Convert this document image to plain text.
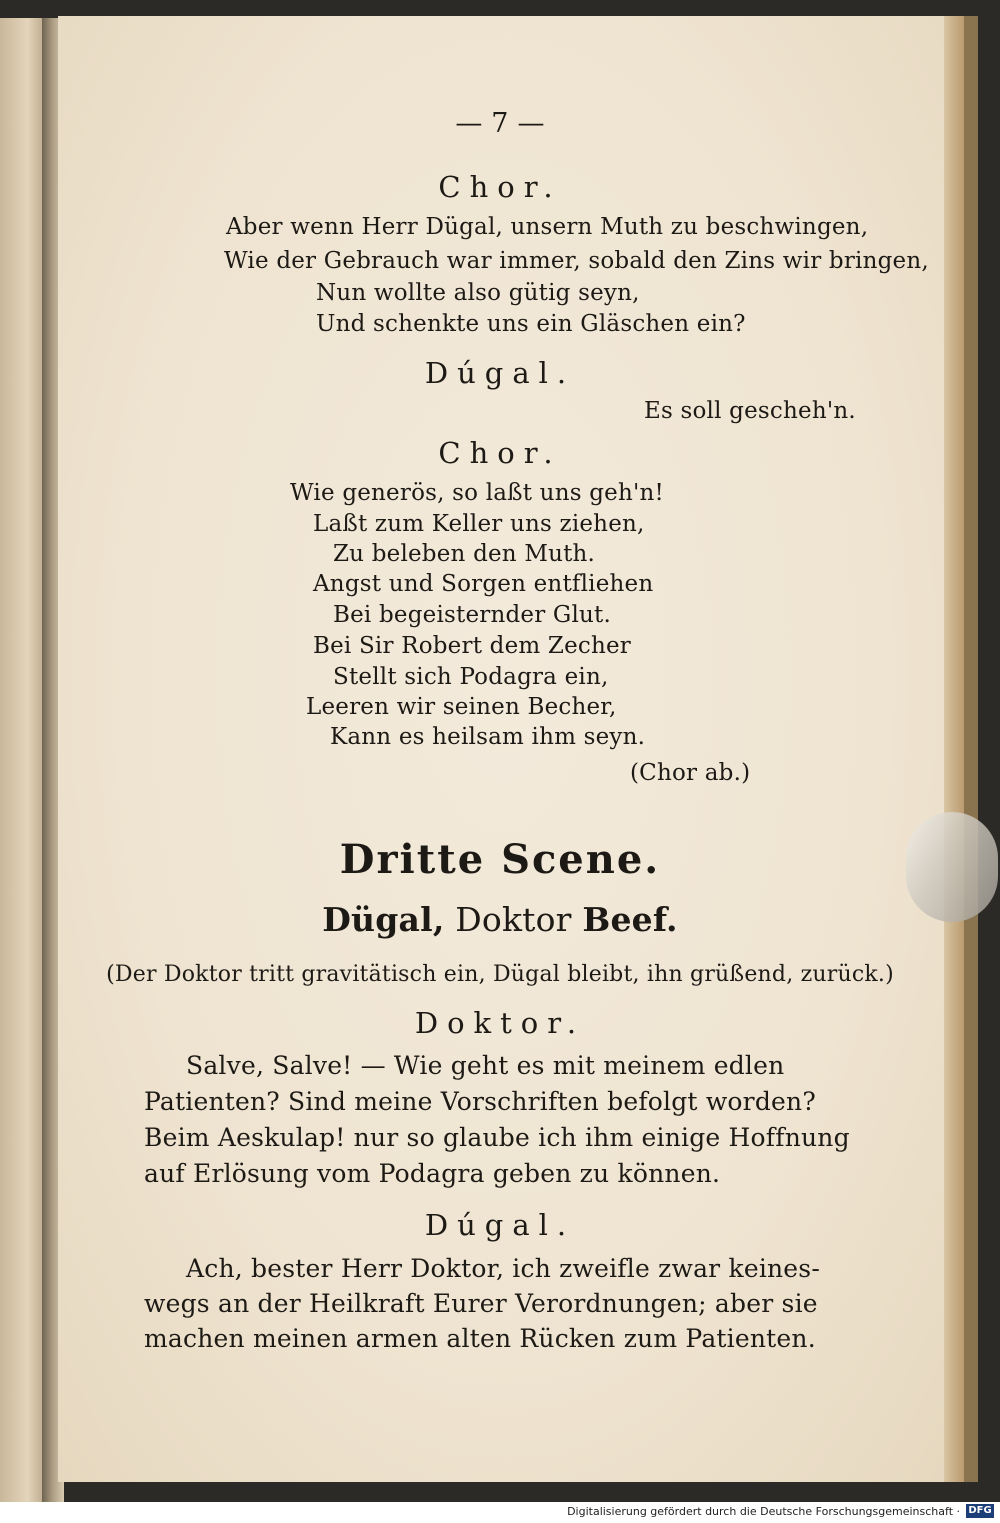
— 7 —
Chor.
Aber wenn Herr Dügal, unsern Muth zu beschwingen,
Wie der Gebrauch war immer, sobald den Zins wir bringen,
Nun wollte also gütig seyn,
Und schenkte uns ein Gläschen ein?
Dúgal.
Es soll gescheh'n.
Chor.
Wie generös, so laßt uns geh'n!
Laßt zum Keller uns ziehen,
Zu beleben den Muth.
Angst und Sorgen entfliehen
Bei begeisternder Glut.
Bei Sir Robert dem Zecher
Stellt sich Podagra ein,
Leeren wir seinen Becher,
Kann es heilsam ihm seyn.
(Chor ab.)
Dritte Scene.
Dügal, Doktor Beef.
(Der Doktor tritt gravitätisch ein, Dügal bleibt, ihn grüßend, zurück.)
Doktor.
Salve, Salve! — Wie geht es mit meinem edlen
Patienten? Sind meine Vorschriften befolgt worden?
Beim Aeskulap! nur so glaube ich ihm einige Hoffnung
auf Erlösung vom Podagra geben zu können.
Dúgal.
Ach, bester Herr Doktor, ich zweifle zwar keines-
wegs an der Heilkraft Eurer Verordnungen; aber sie
machen meinen armen alten Rücken zum Patienten.
Digitalisierung gefördert durch die Deutsche Forschungsgemeinschaft · DFG
